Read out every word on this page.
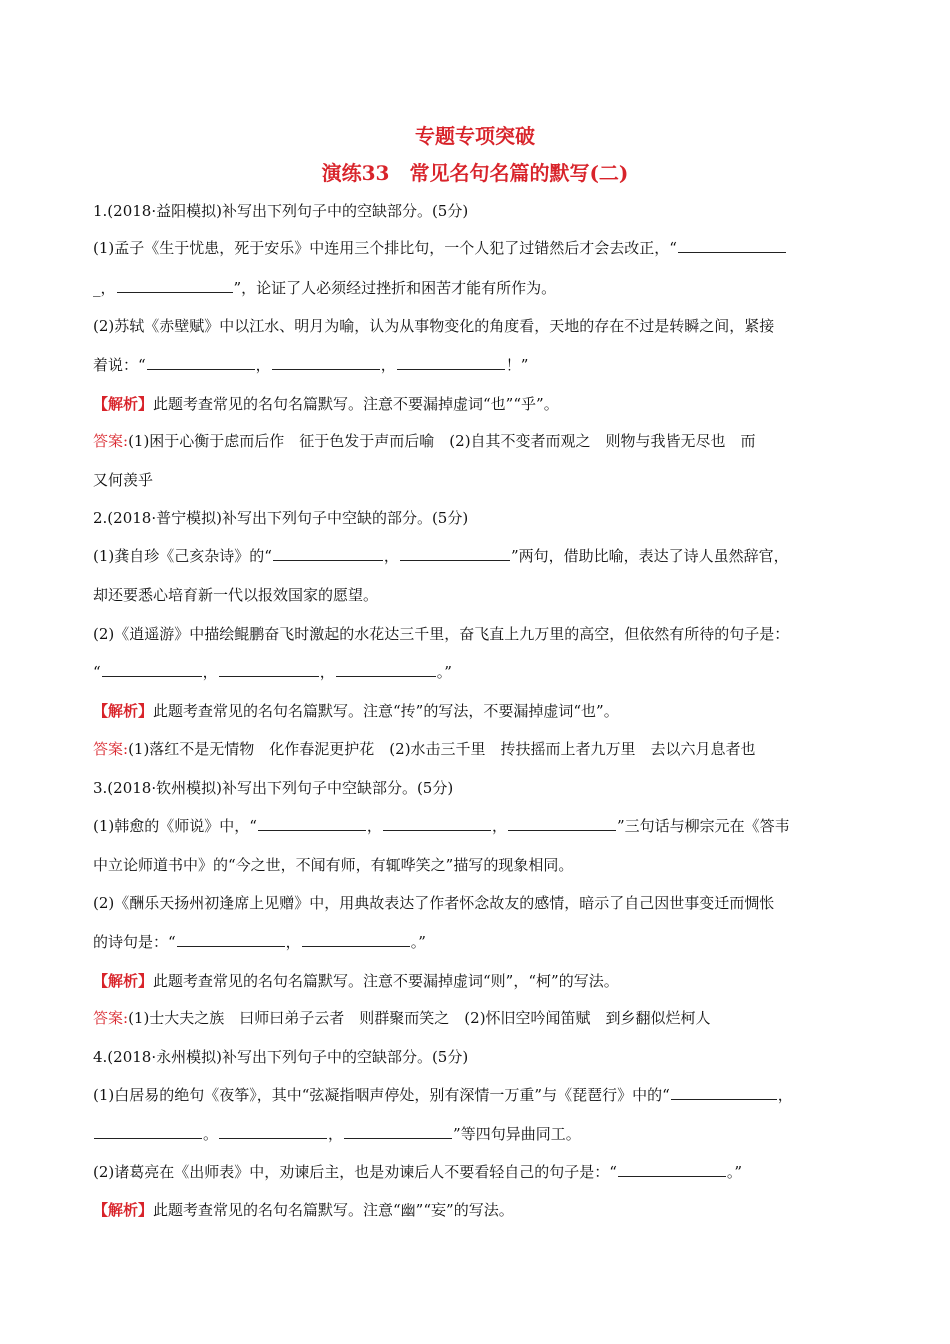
专题专项突破
演练33　常见名句名篇的默写(二)
1.(2018·益阳模拟)补写出下列句子中的空缺部分。(5分)
(1)孟子《生于忧患，死于安乐》中连用三个排比句，一个人犯了过错然后才会去改正，“
_，	”，论证了人必须经过挫折和困苦才能有所作为。
(2)苏轼《赤壁赋》中以江水、明月为喻，认为从事物变化的角度看，天地的存在不过是转瞬之间，紧接
着说：“	，	，	！”
【解析】此题考查常见的名句名篇默写。注意不要漏掉虚词“也”“乎”。
答案:(1)困于心衡于虑而后作　征于色发于声而后喻　(2)自其不变者而观之　则物与我皆无尽也　而
又何羡乎
2.(2018·普宁模拟)补写出下列句子中空缺的部分。(5分)
(1)龚自珍《己亥杂诗》的“	，	”两句，借助比喻，表达了诗人虽然辞官，
却还要悉心培育新一代以报效国家的愿望。
(2)《逍遥游》中描绘鲲鹏奋飞时激起的水花达三千里，奋飞直上九万里的高空，但依然有所待的句子是：
“	，	，	。”
【解析】此题考查常见的名句名篇默写。注意“抟”的写法，不要漏掉虚词“也”。
答案:(1)落红不是无情物　化作春泥更护花　(2)水击三千里　抟扶摇而上者九万里　去以六月息者也
3.(2018·钦州模拟)补写出下列句子中空缺部分。(5分)
(1)韩愈的《师说》中，“	，	，	”三句话与柳宗元在《答韦
中立论师道书中》的“今之世，不闻有师，有辄哗笑之”描写的现象相同。
(2)《酬乐天扬州初逢席上见赠》中，用典故表达了作者怀念故友的感情，暗示了自己因世事变迁而惆怅
的诗句是：“	，	。”
【解析】此题考查常见的名句名篇默写。注意不要漏掉虚词“则”，“柯”的写法。
答案:(1)士大夫之族　曰师曰弟子云者　则群聚而笑之　(2)怀旧空吟闻笛赋　到乡翻似烂柯人
4.(2018·永州模拟)补写出下列句子中的空缺部分。(5分)
(1)白居易的绝句《夜筝》，其中“弦凝指咽声停处，别有深情一万重”与《琵琶行》中的“	，
。	，	”等四句异曲同工。
(2)诸葛亮在《出师表》中，劝谏后主，也是劝谏后人不要看轻自己的句子是：“	。”
【解析】此题考查常见的名句名篇默写。注意“幽”“妄”的写法。
